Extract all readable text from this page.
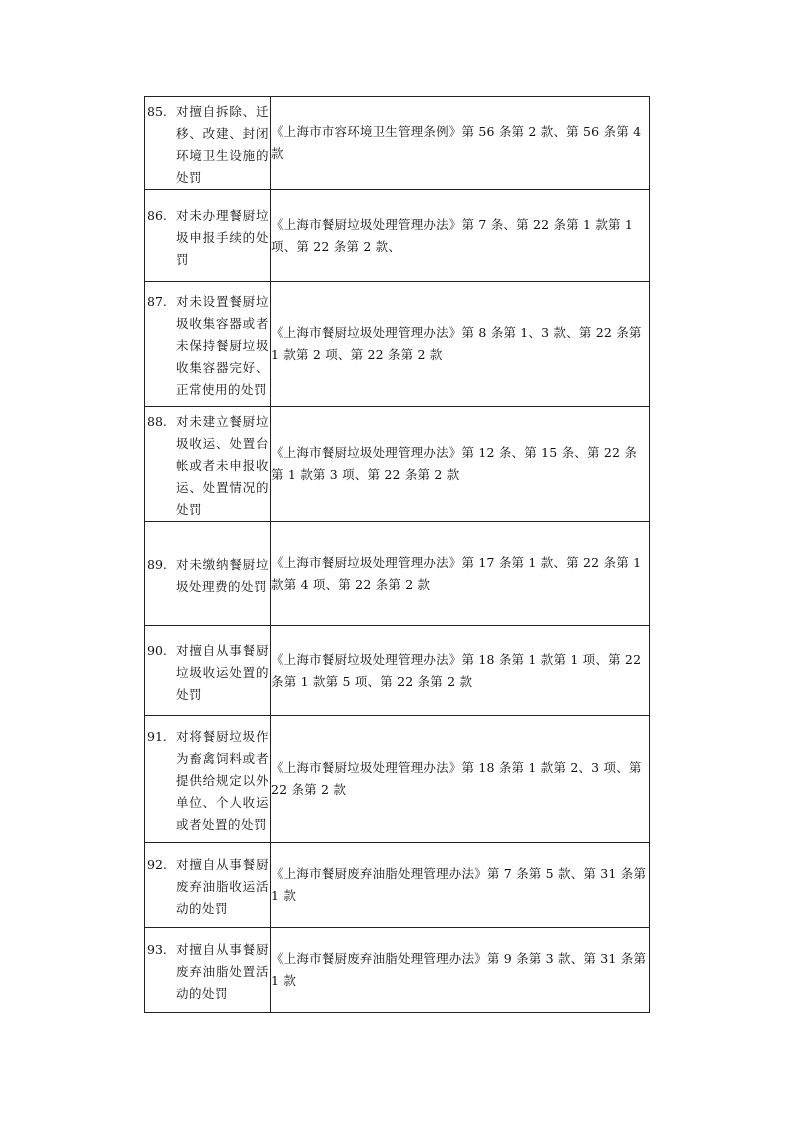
85. 对擅自拆除、迁移、改建、封闭环境卫生设施的处罚	《上海市市容环境卫生管理条例》第 56 条第 2 款、第 56 条第 4 款

86. 对未办理餐厨垃圾申报手续的处罚	《上海市餐厨垃圾处理管理办法》第 7 条、第 22 条第 1 款第 1 项、第 22 条第 2 款、

87. 对未设置餐厨垃圾收集容器或者未保持餐厨垃圾收集容器完好、正常使用的处罚	《上海市餐厨垃圾处理管理办法》第 8 条第 1、3 款、第 22 条第 1 款第 2 项、第 22 条第 2 款

88. 对未建立餐厨垃圾收运、处置台帐或者未申报收运、处置情况的处罚	《上海市餐厨垃圾处理管理办法》第 12 条、第 15 条、第 22 条第 1 款第 3 项、第 22 条第 2 款

89. 对未缴纳餐厨垃圾处理费的处罚	《上海市餐厨垃圾处理管理办法》第 17 条第 1 款、第 22 条第 1 款第 4 项、第 22 条第 2 款

90. 对擅自从事餐厨垃圾收运处置的处罚	《上海市餐厨垃圾处理管理办法》第 18 条第 1 款第 1 项、第 22 条第 1 款第 5 项、第 22 条第 2 款

91. 对将餐厨垃圾作为畜禽饲料或者提供给规定以外单位、个人收运或者处置的处罚	《上海市餐厨垃圾处理管理办法》第 18 条第 1 款第 2、3 项、第 22 条第 2 款

92. 对擅自从事餐厨废弃油脂收运活动的处罚	《上海市餐厨废弃油脂处理管理办法》第 7 条第 5 款、第 31 条第 1 款

93. 对擅自从事餐厨废弃油脂处置活动的处罚	《上海市餐厨废弃油脂处理管理办法》第 9 条第 3 款、第 31 条第 1 款
